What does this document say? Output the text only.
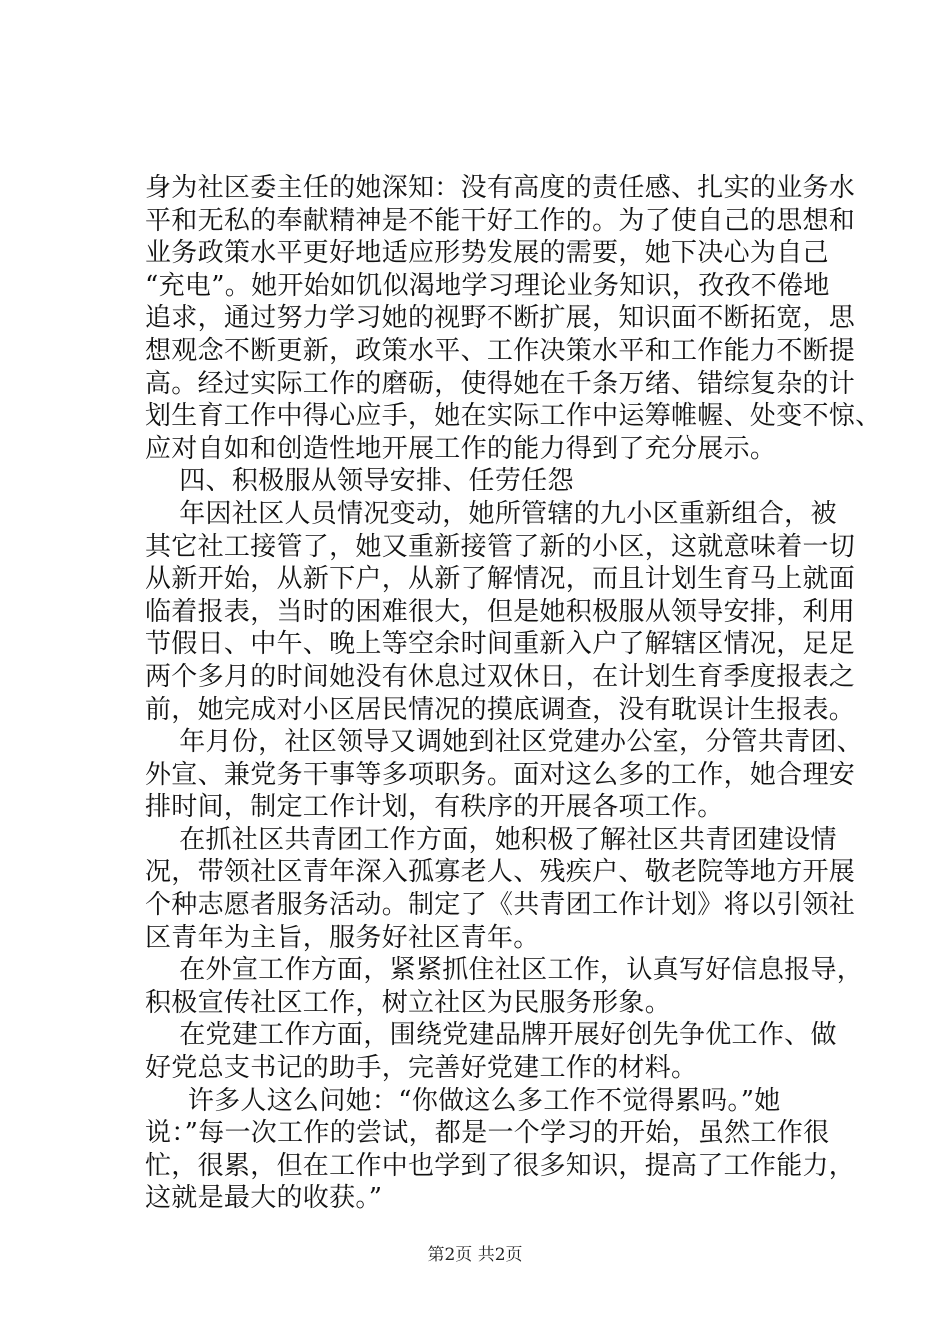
身为社区委主任的她深知：没有高度的责任感、扎实的业务水
平和无私的奉献精神是不能干好工作的。为了使自己的思想和
业务政策水平更好地适应形势发展的需要，她下决心为自己
“充电”。她开始如饥似渴地学习理论业务知识，孜孜不倦地
追求，通过努力学习她的视野不断扩展，知识面不断拓宽，思
想观念不断更新，政策水平、工作决策水平和工作能力不断提
高。经过实际工作的磨砺，使得她在千条万绪、错综复杂的计
划生育工作中得心应手，她在实际工作中运筹帷幄、处变不惊、
应对自如和创造性地开展工作的能力得到了充分展示。
四、积极服从领导安排、任劳任怨
年因社区人员情况变动，她所管辖的九小区重新组合，被
其它社工接管了，她又重新接管了新的小区，这就意味着一切
从新开始，从新下户，从新了解情况，而且计划生育马上就面
临着报表，当时的困难很大，但是她积极服从领导安排，利用
节假日、中午、晚上等空余时间重新入户了解辖区情况，足足
两个多月的时间她没有休息过双休日，在计划生育季度报表之
前，她完成对小区居民情况的摸底调查，没有耽误计生报表。
年月份，社区领导又调她到社区党建办公室，分管共青团、
外宣、兼党务干事等多项职务。面对这么多的工作，她合理安
排时间，制定工作计划，有秩序的开展各项工作。
在抓社区共青团工作方面，她积极了解社区共青团建设情
况，带领社区青年深入孤寡老人、残疾户、敬老院等地方开展
个种志愿者服务活动。制定了《共青团工作计划》将以引领社
区青年为主旨，服务好社区青年。
在外宣工作方面，紧紧抓住社区工作，认真写好信息报导，
积极宣传社区工作，树立社区为民服务形象。
在党建工作方面，围绕党建品牌开展好创先争优工作、做
好党总支书记的助手，完善好党建工作的材料。
许多人这么问她：“你做这么多工作不觉得累吗。”她
说：”每一次工作的尝试，都是一个学习的开始，虽然工作很
忙，很累，但在工作中也学到了很多知识，提高了工作能力，
这就是最大的收获。”
第2页 共2页
